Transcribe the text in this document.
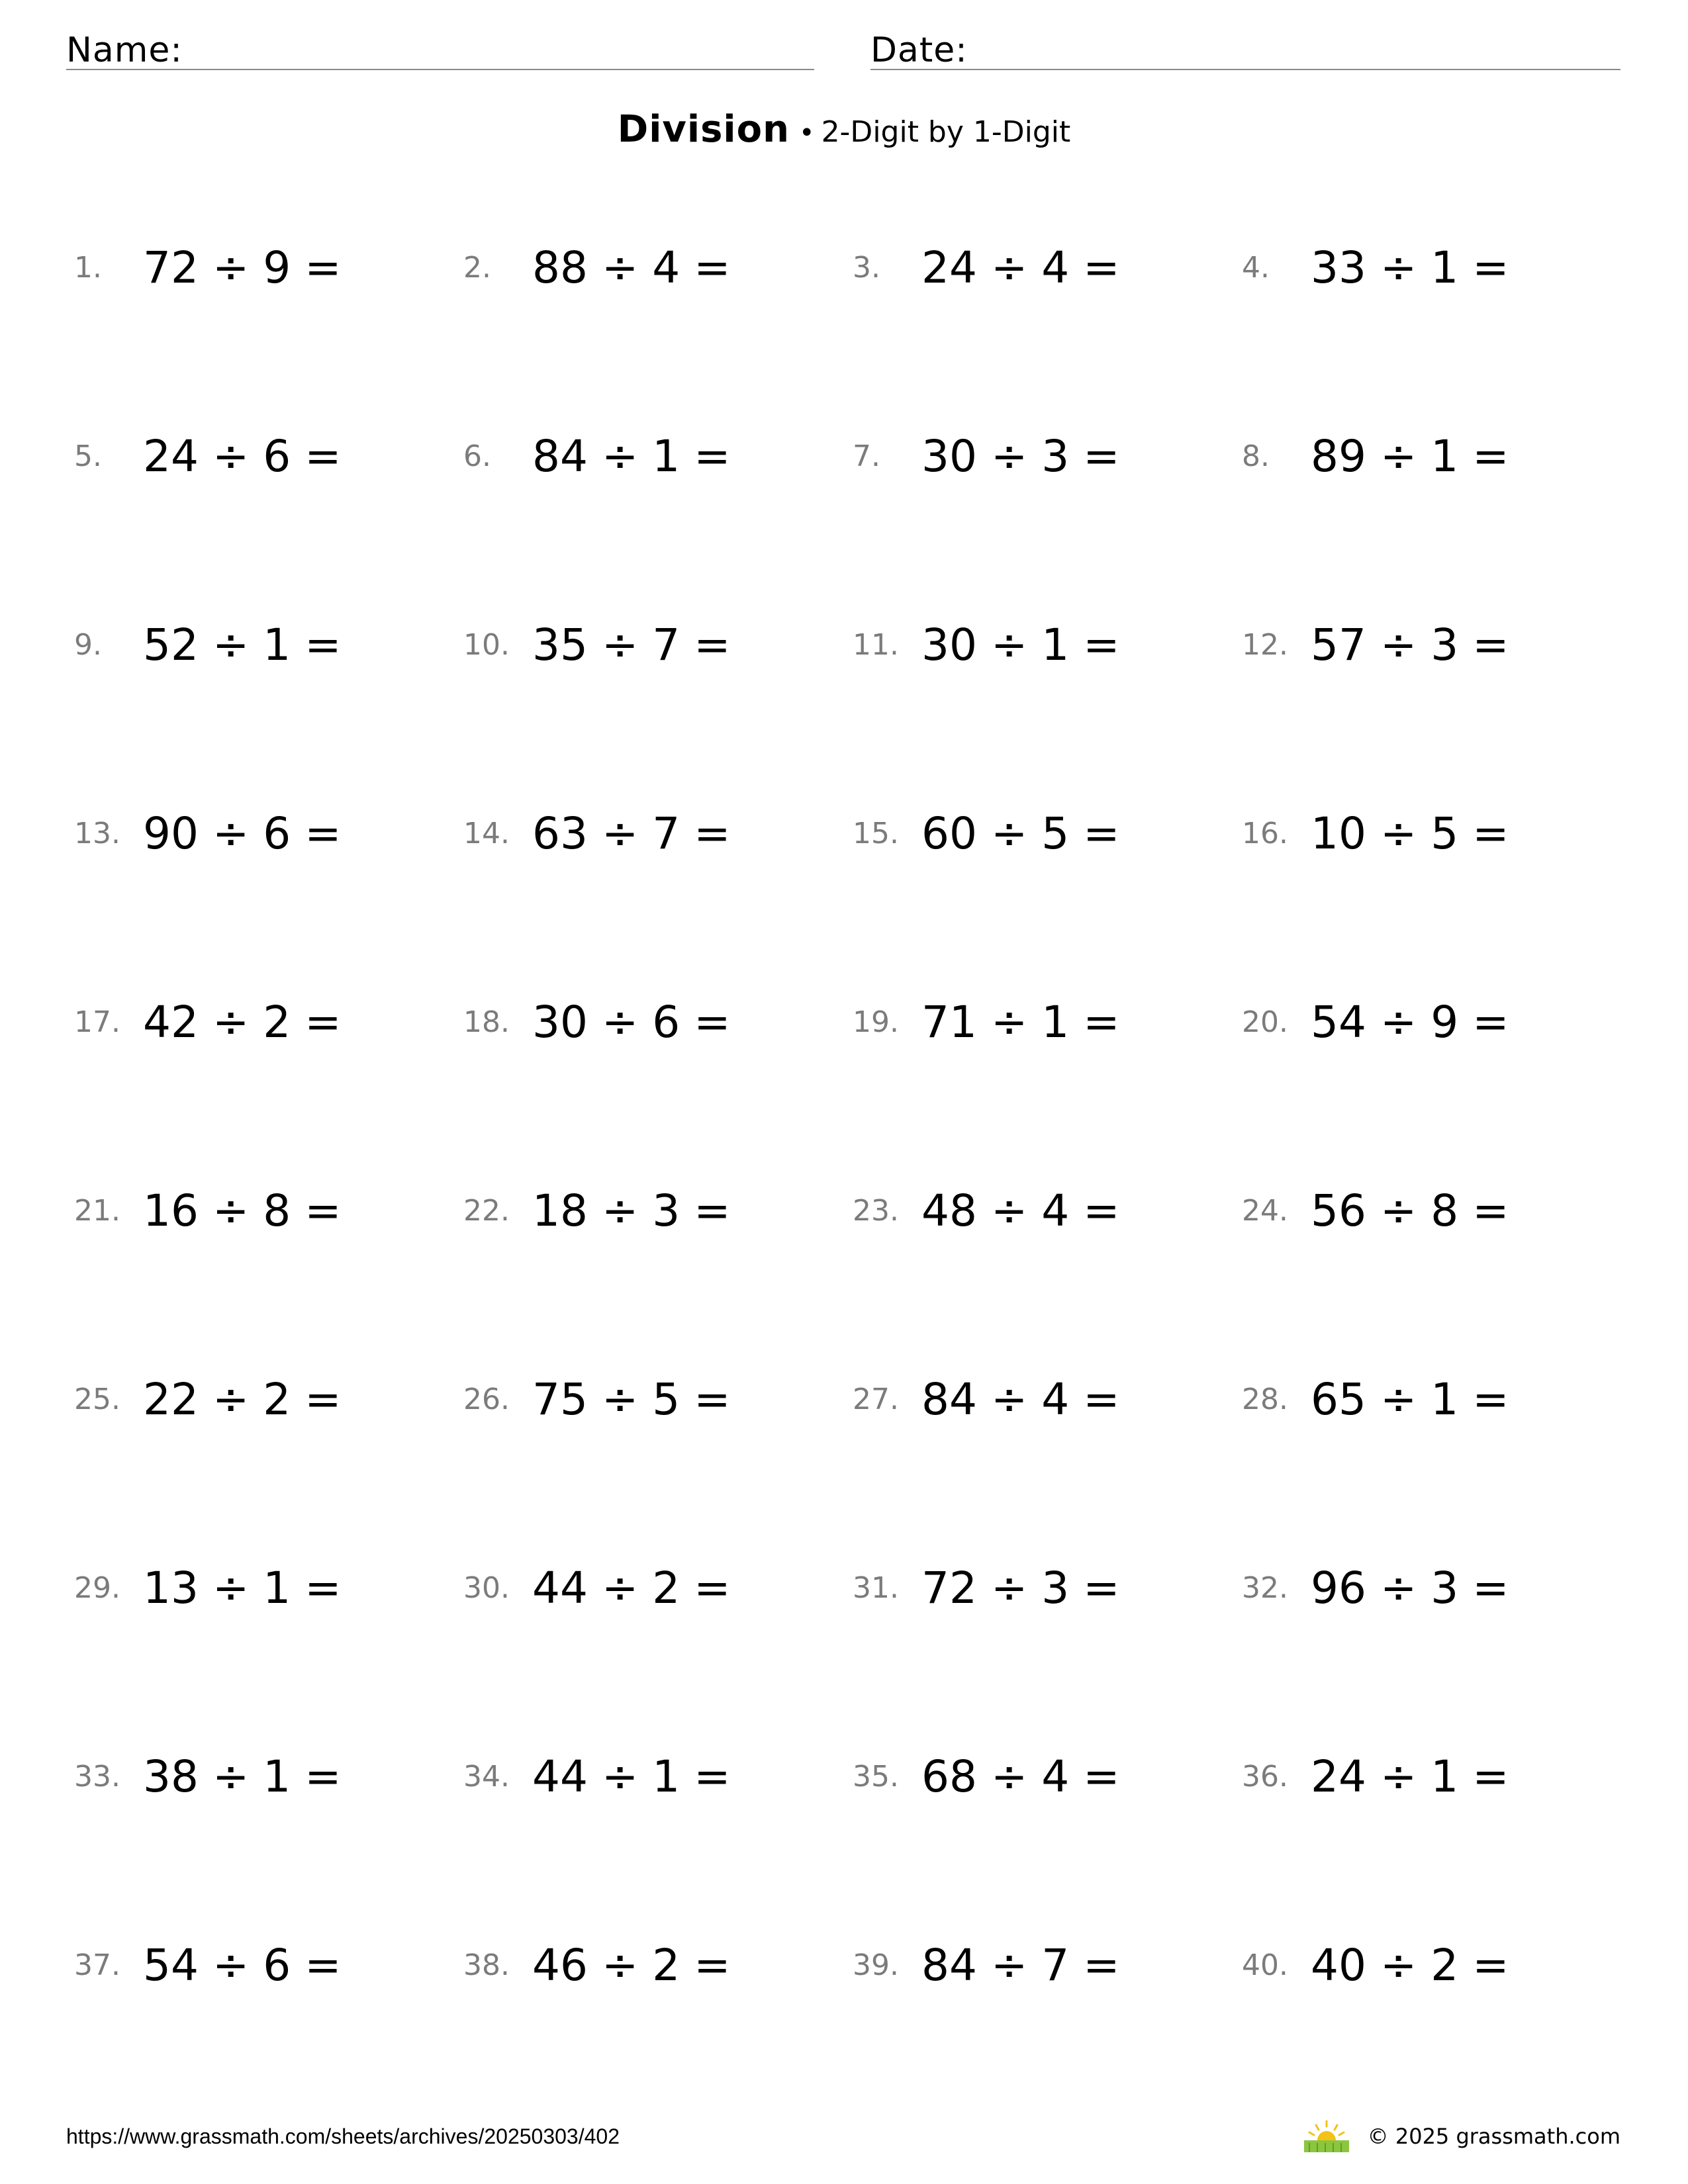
Name:	Date:
Division • 2-Digit by 1-Digit
1. 72 ÷ 9 =	2. 88 ÷ 4 =	3. 24 ÷ 4 =	4. 33 ÷ 1 =
5. 24 ÷ 6 =	6. 84 ÷ 1 =	7. 30 ÷ 3 =	8. 89 ÷ 1 =
9. 52 ÷ 1 =	10. 35 ÷ 7 =	11. 30 ÷ 1 =	12. 57 ÷ 3 =
13. 90 ÷ 6 =	14. 63 ÷ 7 =	15. 60 ÷ 5 =	16. 10 ÷ 5 =
17. 42 ÷ 2 =	18. 30 ÷ 6 =	19. 71 ÷ 1 =	20. 54 ÷ 9 =
21. 16 ÷ 8 =	22. 18 ÷ 3 =	23. 48 ÷ 4 =	24. 56 ÷ 8 =
25. 22 ÷ 2 =	26. 75 ÷ 5 =	27. 84 ÷ 4 =	28. 65 ÷ 1 =
29. 13 ÷ 1 =	30. 44 ÷ 2 =	31. 72 ÷ 3 =	32. 96 ÷ 3 =
33. 38 ÷ 1 =	34. 44 ÷ 1 =	35. 68 ÷ 4 =	36. 24 ÷ 1 =
37. 54 ÷ 6 =	38. 46 ÷ 2 =	39. 84 ÷ 7 =	40. 40 ÷ 2 =
https://www.grassmath.com/sheets/archives/20250303/402	© 2025 grassmath.com
